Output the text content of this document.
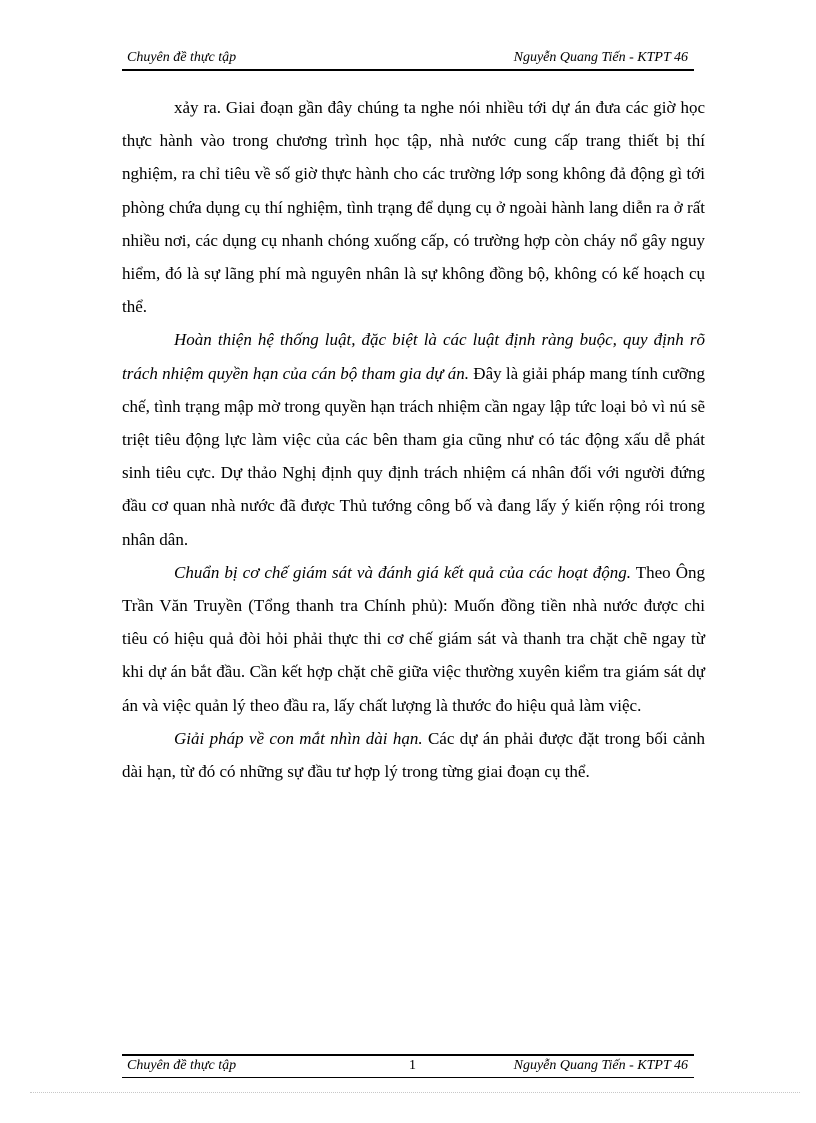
Chuyên đề thực tập	Nguyễn Quang Tiến - KTPT 46

xảy ra. Giai đoạn gần đây chúng ta nghe nói nhiều tới dự án đưa các giờ học thực hành vào trong chương trình học tập, nhà nước cung cấp trang thiết bị thí nghiệm, ra chỉ tiêu về số giờ thực hành cho các trường lớp song không đả động gì tới phòng chứa dụng cụ thí nghiệm, tình trạng để dụng cụ ở ngoài hành lang diễn ra ở rất nhiều nơi, các dụng cụ nhanh chóng xuống cấp, có trường hợp còn cháy nổ gây nguy hiểm, đó là sự lãng phí mà nguyên nhân là sự không đồng bộ, không có kế hoạch cụ thể.

Hoàn thiện hệ thống luật, đặc biệt là các luật định ràng buộc, quy định rõ trách nhiệm quyền hạn của cán bộ tham gia dự án. Đây là giải pháp mang tính cưỡng chế, tình trạng mập mờ trong quyền hạn trách nhiệm cần ngay lập tức loại bỏ vì nú sẽ triệt tiêu động lực làm việc của các bên tham gia cũng như có tác động xấu dễ phát sinh tiêu cực. Dự thảo Nghị định quy định trách nhiệm cá nhân đối với người đứng đầu cơ quan nhà nước đã được Thủ tướng công bố và đang lấy ý kiến rộng rói trong nhân dân.

Chuẩn bị cơ chế giám sát và đánh giá kết quả của các hoạt động. Theo Ông Trần Văn Truyền (Tổng thanh tra Chính phủ): Muốn đồng tiền nhà nước được chi tiêu có hiệu quả đòi hỏi phải thực thi cơ chế giám sát và thanh tra chặt chẽ ngay từ khi dự án bắt đầu. Cần kết hợp chặt chẽ giữa việc thường xuyên kiểm tra giám sát dự án và việc quản lý theo đầu ra, lấy chất lượng là thước đo hiệu quả làm việc.

Giải pháp về con mắt nhìn dài hạn. Các dự án phải được đặt trong bối cảnh dài hạn, từ đó có những sự đầu tư hợp lý trong từng giai đoạn cụ thể.

Chuyên đề thực tập	1	Nguyễn Quang Tiến - KTPT 46
